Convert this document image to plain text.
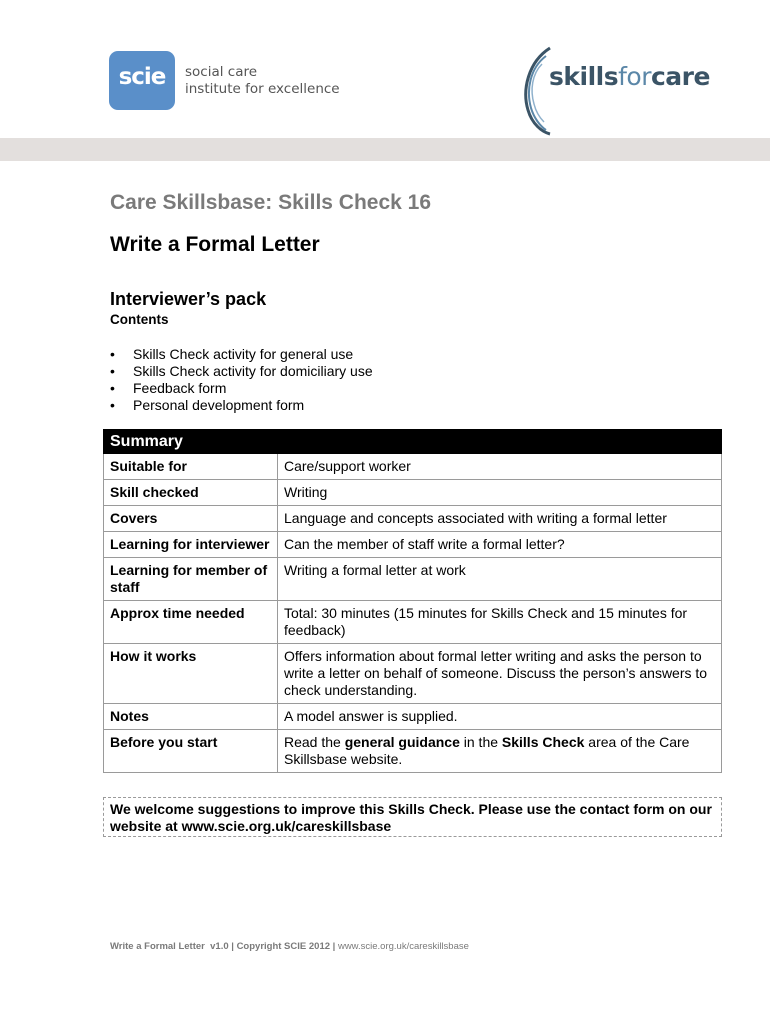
scie	social care
institute for excellence	skillsforcare
Care Skillsbase: Skills Check 16
Write a Formal Letter
Interviewer’s pack
Contents
• Skills Check activity for general use
• Skills Check activity for domiciliary use
• Feedback form
• Personal development form
Summary	
Suitable for	Care/support worker
Skill checked	Writing
Covers	Language and concepts associated with writing a formal letter
Learning for interviewer	Can the member of staff write a formal letter?
Learning for member of staff	Writing a formal letter at work
Approx time needed	Total: 30 minutes (15 minutes for Skills Check and 15 minutes for feedback)
How it works	Offers information about formal letter writing and asks the person to write a letter on behalf of someone. Discuss the person’s answers to check understanding.
Notes	A model answer is supplied.
Before you start	Read the general guidance in the Skills Check area of the Care Skillsbase website.
We welcome suggestions to improve this Skills Check. Please use the contact form on our website at www.scie.org.uk/careskillsbase
Write a Formal Letter  v1.0 | Copyright SCIE 2012 | www.scie.org.uk/careskillsbase
